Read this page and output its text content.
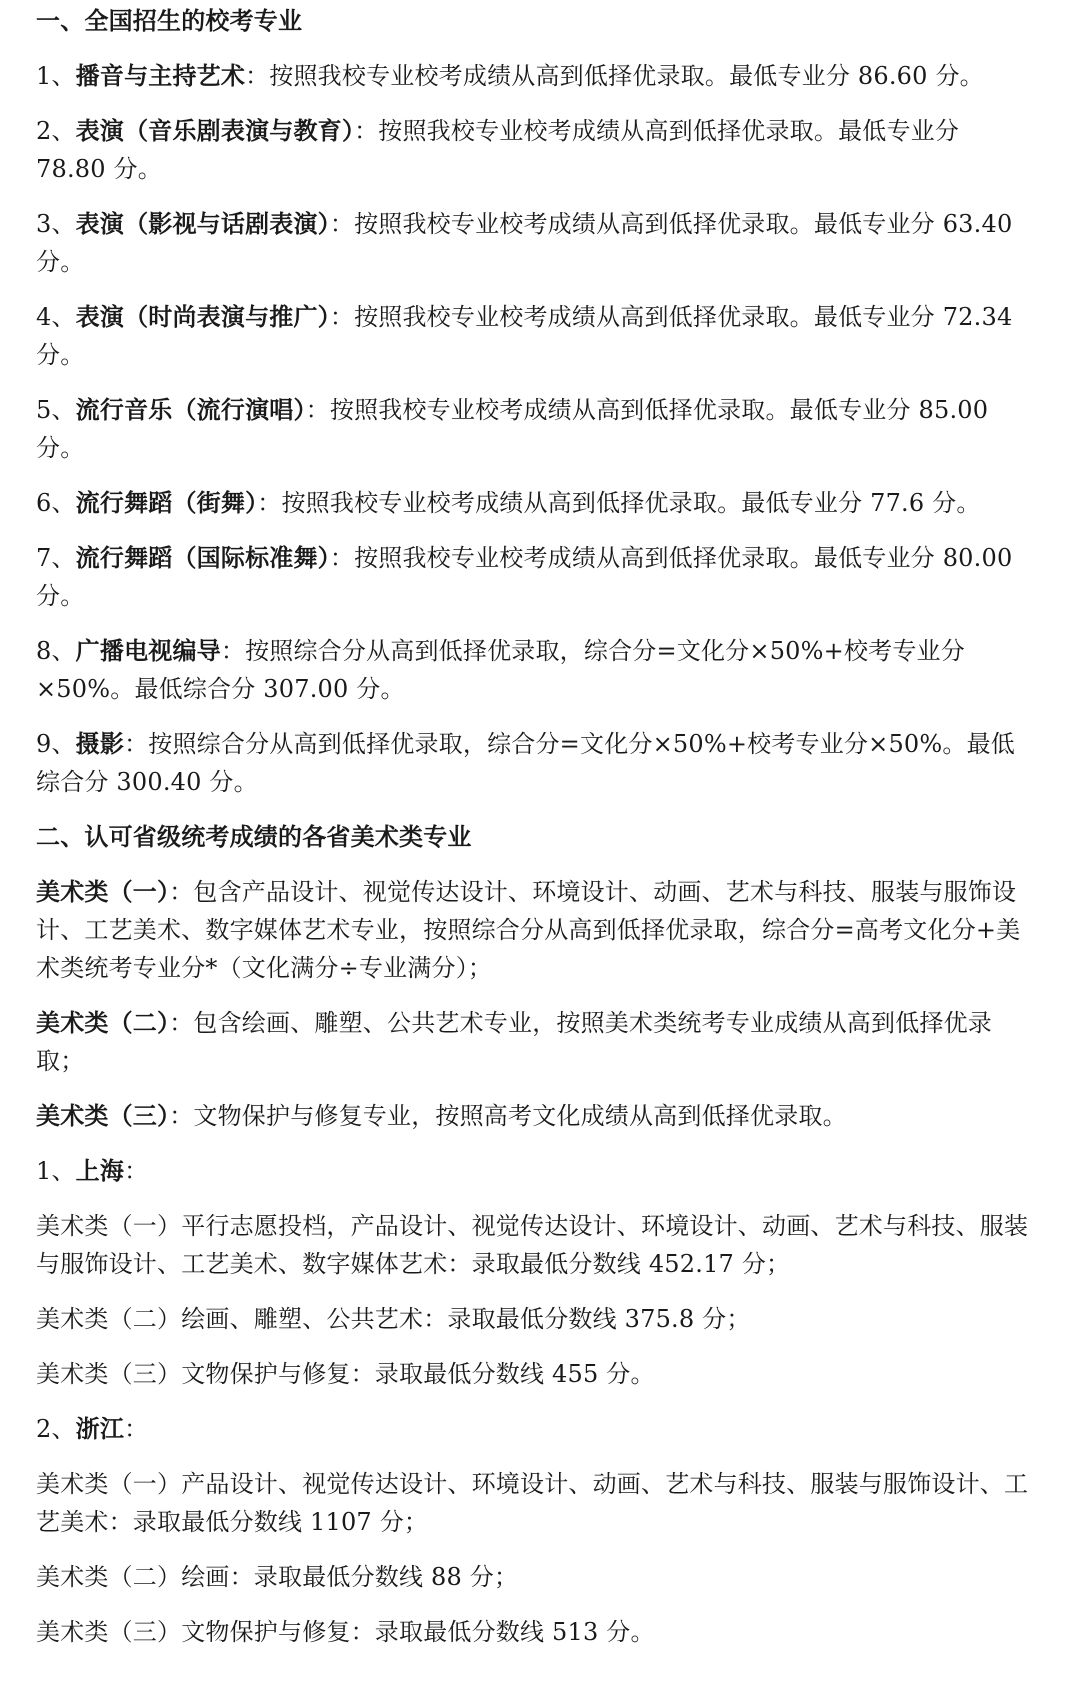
一、全国招生的校考专业

1、播音与主持艺术：按照我校专业校考成绩从高到低择优录取。最低专业分 86.60 分。

2、表演（音乐剧表演与教育）：按照我校专业校考成绩从高到低择优录取。最低专业分 78.80 分。

3、表演（影视与话剧表演）：按照我校专业校考成绩从高到低择优录取。最低专业分 63.40 分。

4、表演（时尚表演与推广）：按照我校专业校考成绩从高到低择优录取。最低专业分 72.34 分。

5、流行音乐（流行演唱）：按照我校专业校考成绩从高到低择优录取。最低专业分 85.00 分。

6、流行舞蹈（街舞）：按照我校专业校考成绩从高到低择优录取。最低专业分 77.6 分。

7、流行舞蹈（国际标准舞）：按照我校专业校考成绩从高到低择优录取。最低专业分 80.00 分。

8、广播电视编导：按照综合分从高到低择优录取，综合分=文化分×50%+校考专业分×50%。最低综合分 307.00 分。

9、摄影：按照综合分从高到低择优录取，综合分=文化分×50%+校考专业分×50%。最低综合分 300.40 分。

二、认可省级统考成绩的各省美术类专业

美术类（一）：包含产品设计、视觉传达设计、环境设计、动画、艺术与科技、服装与服饰设计、工艺美术、数字媒体艺术专业，按照综合分从高到低择优录取，综合分=高考文化分+美术类统考专业分*（文化满分÷专业满分）；

美术类（二）：包含绘画、雕塑、公共艺术专业，按照美术类统考专业成绩从高到低择优录取；

美术类（三）：文物保护与修复专业，按照高考文化成绩从高到低择优录取。

1、上海：

美术类（一）平行志愿投档，产品设计、视觉传达设计、环境设计、动画、艺术与科技、服装与服饰设计、工艺美术、数字媒体艺术：录取最低分数线 452.17 分；

美术类（二）绘画、雕塑、公共艺术：录取最低分数线 375.8 分；

美术类（三）文物保护与修复：录取最低分数线 455 分。

2、浙江：

美术类（一）产品设计、视觉传达设计、环境设计、动画、艺术与科技、服装与服饰设计、工艺美术：录取最低分数线 1107 分；

美术类（二）绘画：录取最低分数线 88 分；

美术类（三）文物保护与修复：录取最低分数线 513 分。
